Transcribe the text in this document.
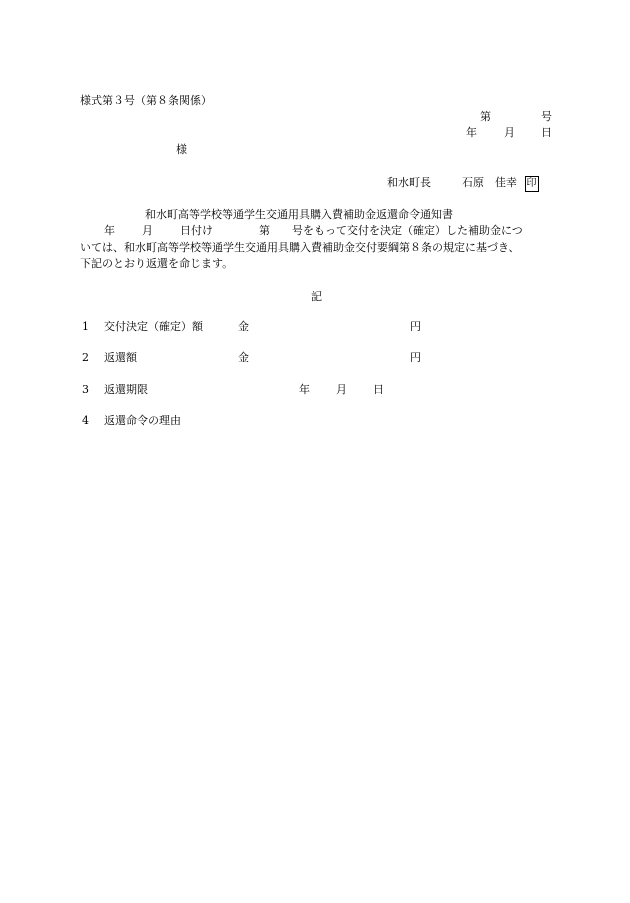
様式第３号（第８条関係）
第	号
年 月 日
様
和水町長	石原　佳幸 印
和水町高等学校等通学生交通用具購入費補助金返還命令通知書
年 月 日付け	第 号をもって交付を決定（確定）した補助金につ
いては、和水町高等学校等通学生交通用具購入費補助金交付要綱第８条の規定に基づき、
下記のとおり返還を命じます。
記
1 交付決定（確定）額	金	円
2 返還額	金	円
3 返還期限	年 月 日
4 返還命令の理由
